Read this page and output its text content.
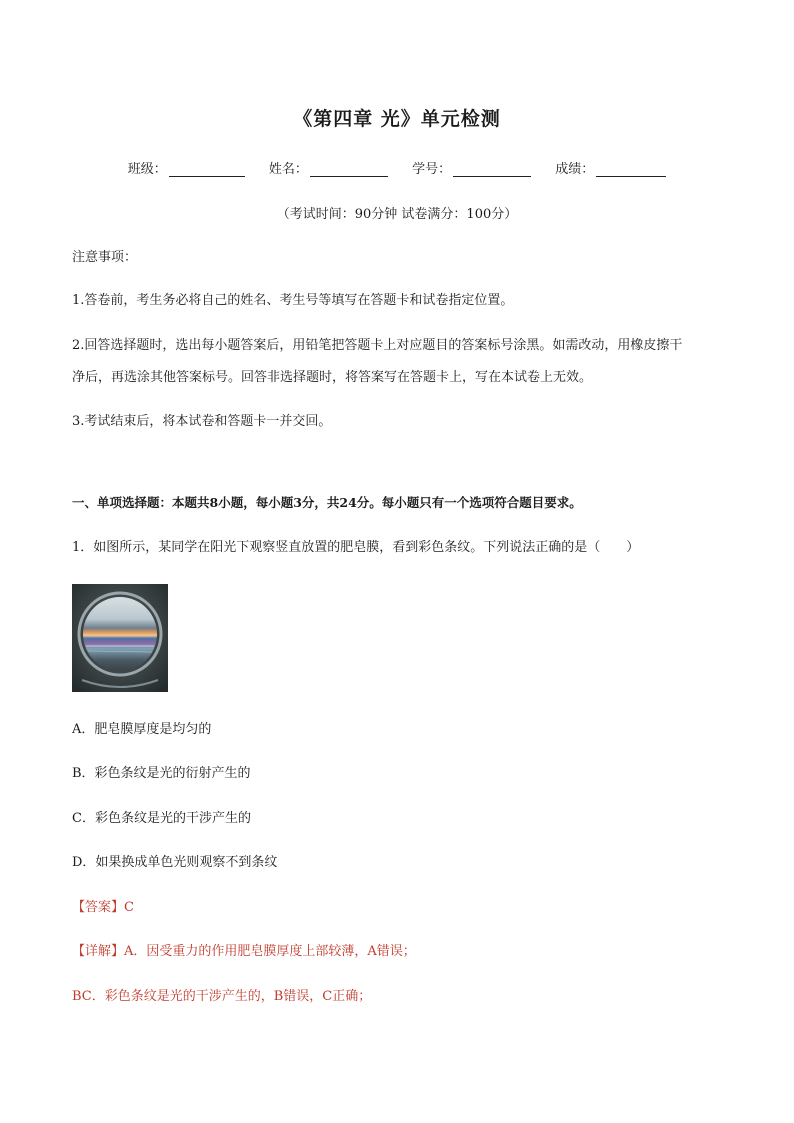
《第四章 光》单元检测
班级：	姓名：	学号：	成绩：
（考试时间：90分钟 试卷满分：100分）
注意事项：
1.答卷前，考生务必将自己的姓名、考生号等填写在答题卡和试卷指定位置。
2.回答选择题时，选出每小题答案后，用铅笔把答题卡上对应题目的答案标号涂黑。如需改动，用橡皮擦干
净后，再选涂其他答案标号。回答非选择题时，将答案写在答题卡上，写在本试卷上无效。
3.考试结束后，将本试卷和答题卡一并交回。
一、单项选择题：本题共8小题，每小题3分，共24分。每小题只有一个选项符合题目要求。
1．如图所示，某同学在阳光下观察竖直放置的肥皂膜，看到彩色条纹。下列说法正确的是（　　）
A．肥皂膜厚度是均匀的
B．彩色条纹是光的衍射产生的
C．彩色条纹是光的干涉产生的
D．如果换成单色光则观察不到条纹
【答案】C
【详解】A．因受重力的作用肥皂膜厚度上部较薄，A错误；
BC．彩色条纹是光的干涉产生的，B错误，C正确；
